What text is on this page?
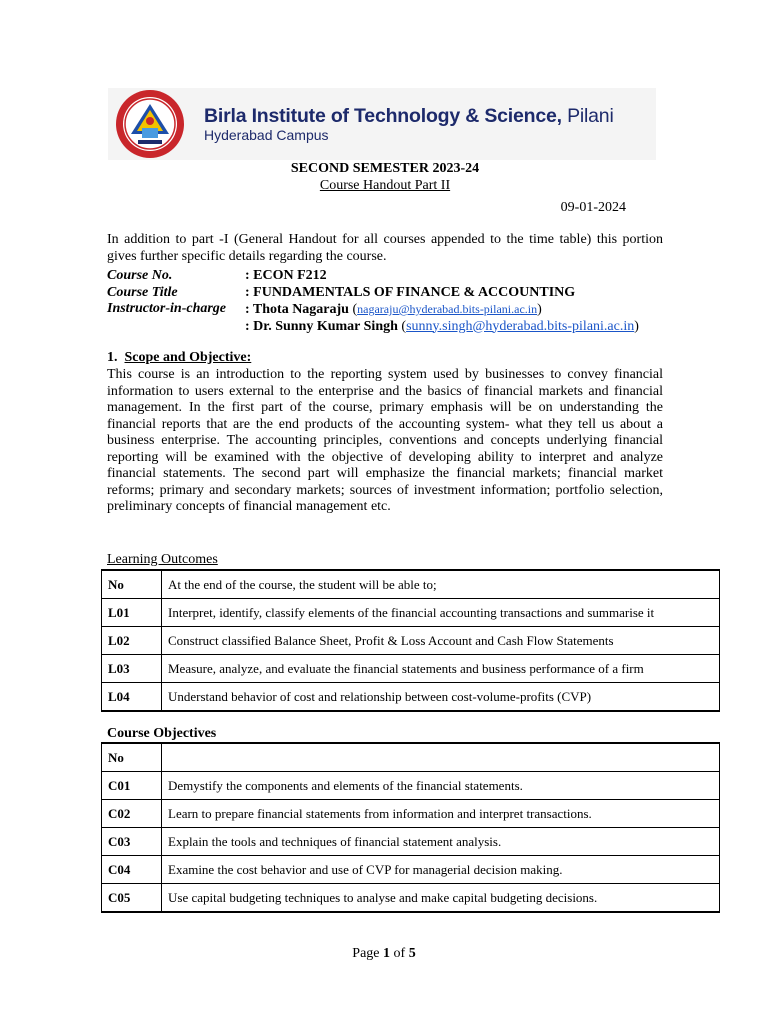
Birla Institute of Technology & Science, Pilani
Hyderabad Campus
SECOND SEMESTER 2023-24
Course Handout Part II
09-01-2024
In addition to part -I (General Handout for all courses appended to the time table) this portion gives further specific details regarding the course.
Course No.	: ECON F212
Course Title	: FUNDAMENTALS OF FINANCE & ACCOUNTING
Instructor-in-charge	: Thota Nagaraju (nagaraju@hyderabad.bits-pilani.ac.in)
: Dr. Sunny Kumar Singh (sunny.singh@hyderabad.bits-pilani.ac.in)
1. Scope and Objective:
This course is an introduction to the reporting system used by businesses to convey financial information to users external to the enterprise and the basics of financial markets and financial management. In the first part of the course, primary emphasis will be on understanding the financial reports that are the end products of the accounting system- what they tell us about a business enterprise. The accounting principles, conventions and concepts underlying financial reporting will be examined with the objective of developing ability to interpret and analyze financial statements. The second part will emphasize the financial markets; financial market reforms; primary and secondary markets; sources of investment information; portfolio selection, preliminary concepts of financial management etc.
Learning Outcomes
No	At the end of the course, the student will be able to;
L01	Interpret, identify, classify elements of the financial accounting transactions and summarise it
L02	Construct classified Balance Sheet, Profit & Loss Account and Cash Flow Statements
L03	Measure, analyze, and evaluate the financial statements and business performance of a firm
L04	Understand behavior of cost and relationship between cost-volume-profits (CVP)
Course Objectives
No	
C01	Demystify the components and elements of the financial statements.
C02	Learn to prepare financial statements from information and interpret transactions.
C03	Explain the tools and techniques of financial statement analysis.
C04	Examine the cost behavior and use of CVP for managerial decision making.
C05	Use capital budgeting techniques to analyse and make capital budgeting decisions.
Page 1 of 5
